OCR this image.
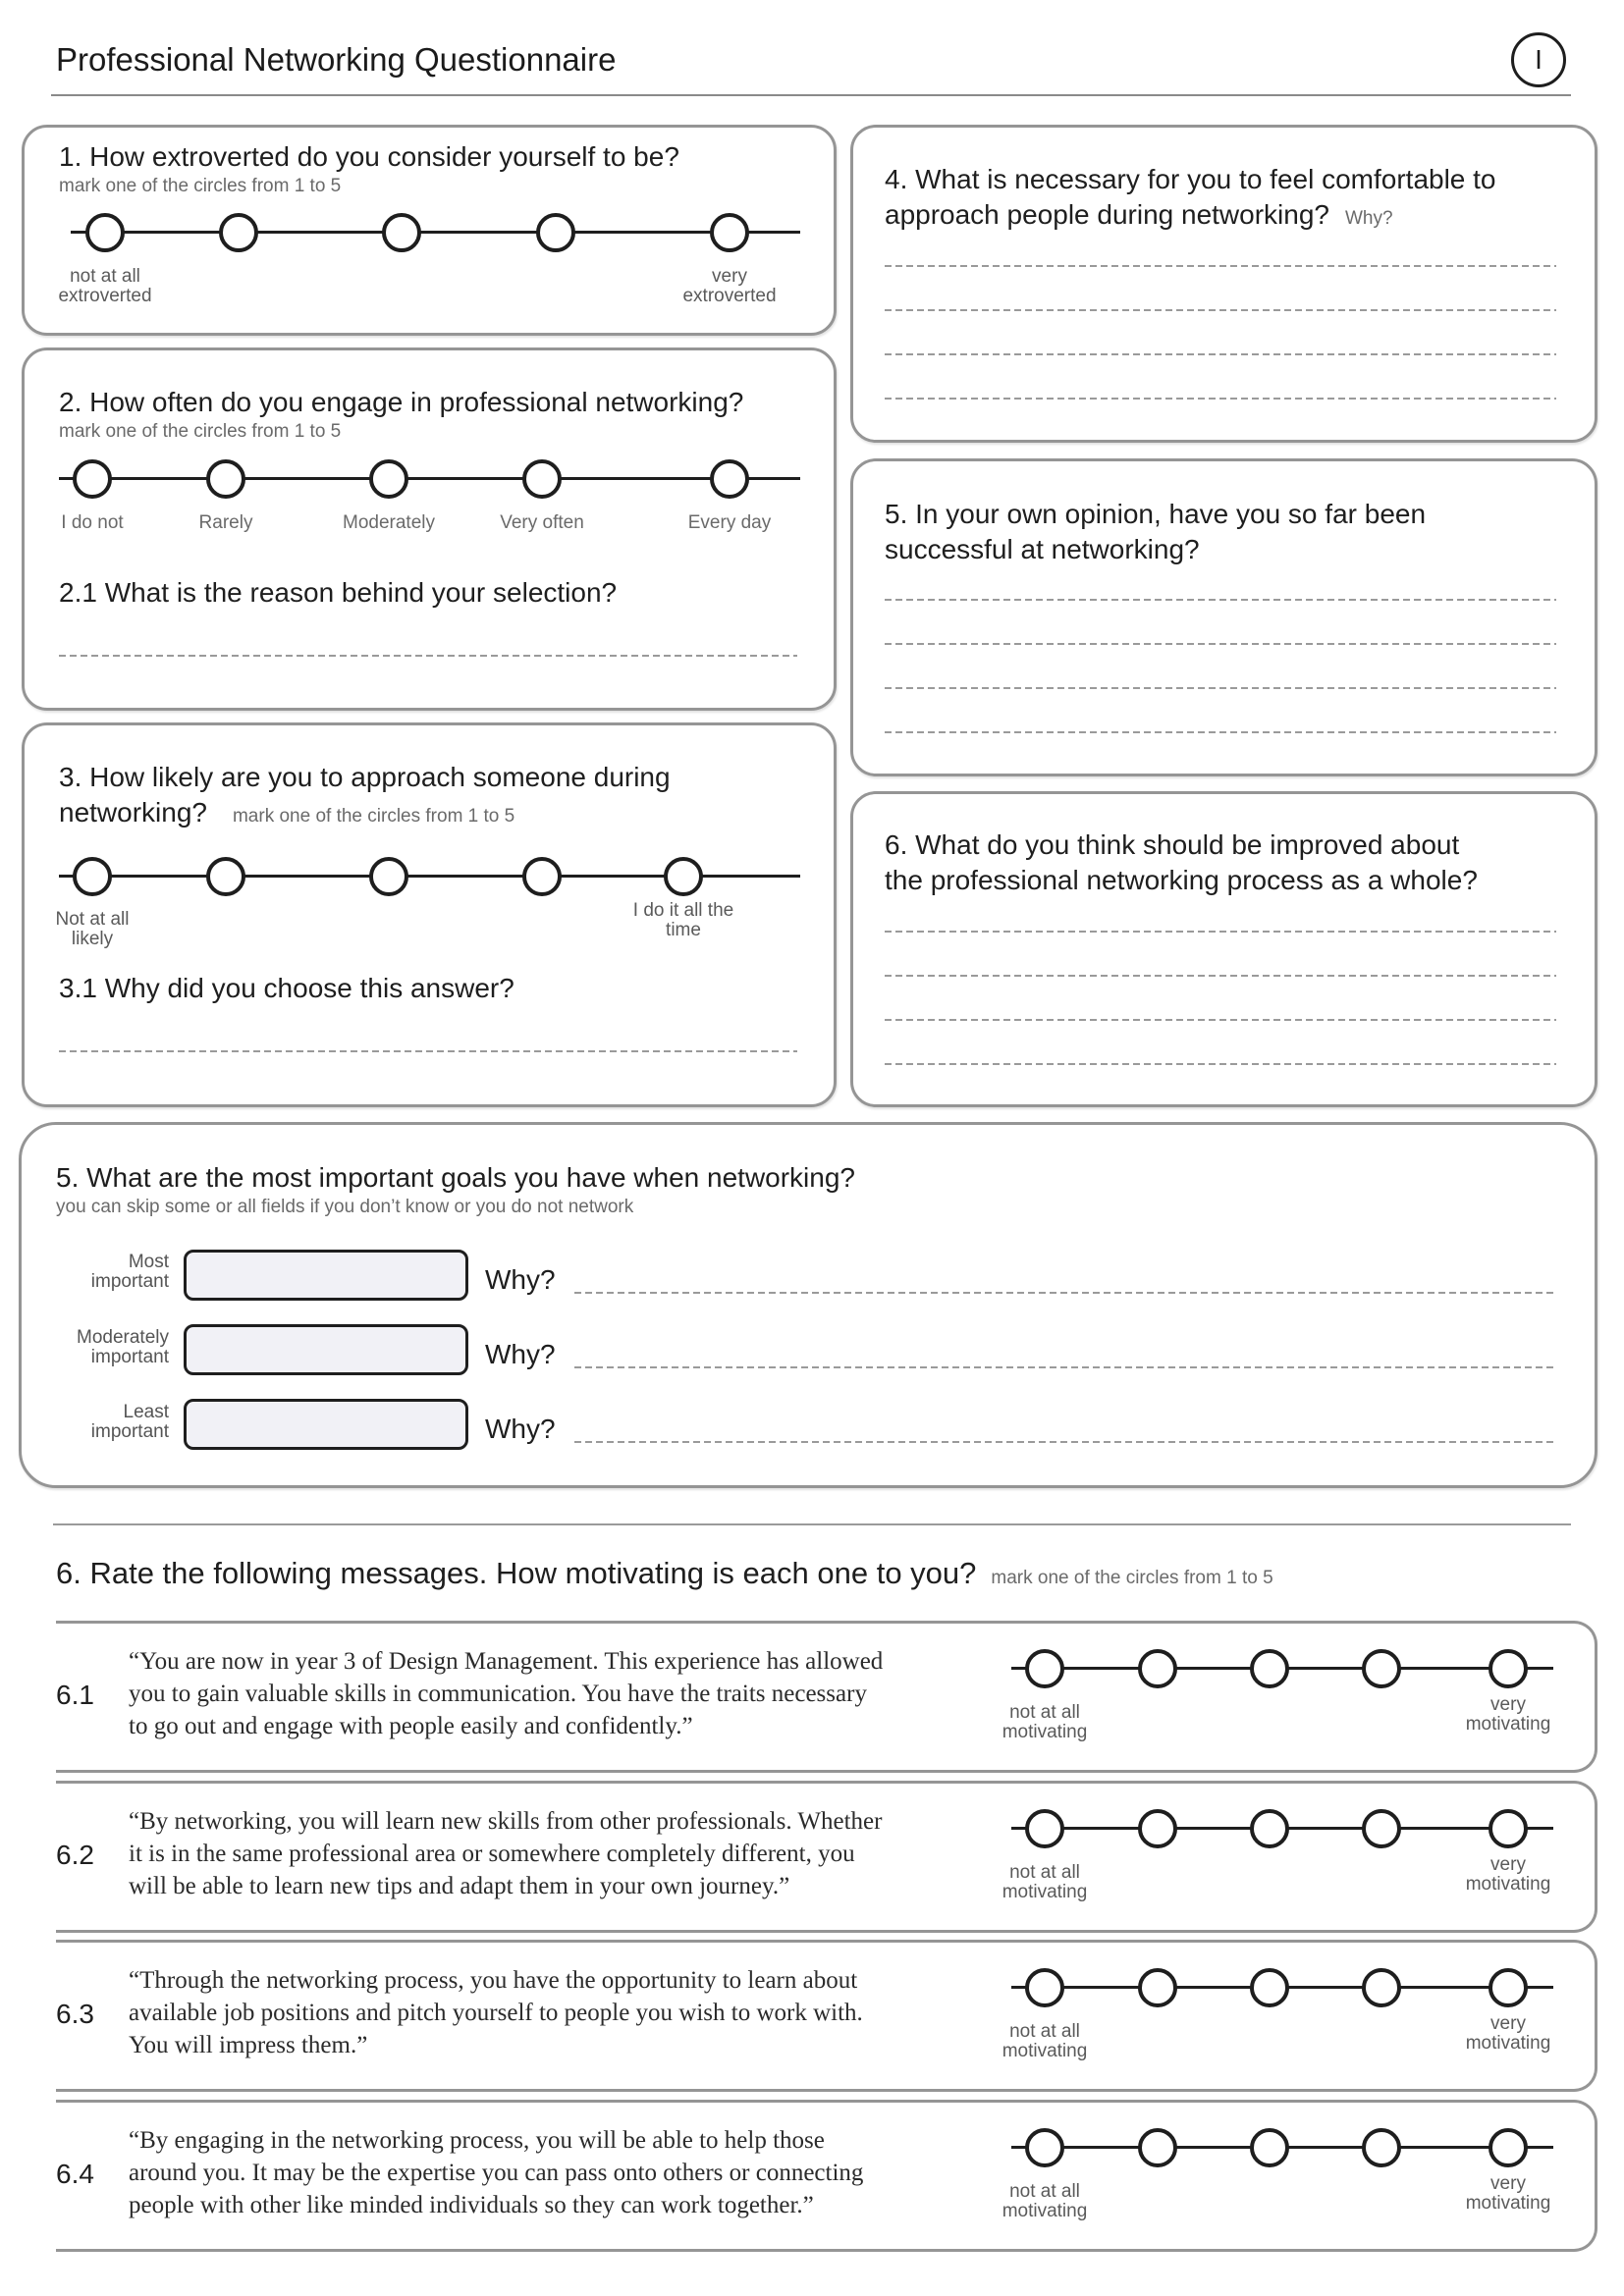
Professional Networking Questionnaire	I
1. How extroverted do you consider yourself to be?
mark one of the circles from 1 to 5
not at all
extroverted
very
extroverted
2. How often do you engage in professional networking?
mark one of the circles from 1 to 5
I do not	Rarely	Moderately	Very often	Every day
2.1 What is the reason behind your selection?
3. How likely are you to approach someone during
networking? mark one of the circles from 1 to 5
Not at all
likely
I do it all the
time
3.1 Why did you choose this answer?
4. What is necessary for you to feel comfortable to
approach people during networking? Why?
5. In your own opinion, have you so far been
successful at networking?
6. What do you think should be improved about
the professional networking process as a whole?
5. What are the most important goals you have when networking?
you can skip some or all fields if you don’t know or you do not network
Most
important	Why?
Moderately
important	Why?
Least
important	Why?
6. Rate the following messages. How motivating is each one to you? mark one of the circles from 1 to 5
6.1
“You are now in year 3 of Design Management. This experience has allowed
you to gain valuable skills in communication. You have the traits necessary
to go out and engage with people easily and confidently.”
not at all
motivating
very
motivating
6.2
“By networking, you will learn new skills from other professionals. Whether
it is in the same professional area or somewhere completely different, you
will be able to learn new tips and adapt them in your own journey.”
not at all
motivating
very
motivating
6.3
“Through the networking process, you have the opportunity to learn about
available job positions and pitch yourself to people you wish to work with.
You will impress them.”
not at all
motivating
very
motivating
6.4
“By engaging in the networking process, you will be able to help those
around you. It may be the expertise you can pass onto others or connecting
people with other like minded individuals so they can work together.”
not at all
motivating
very
motivating
